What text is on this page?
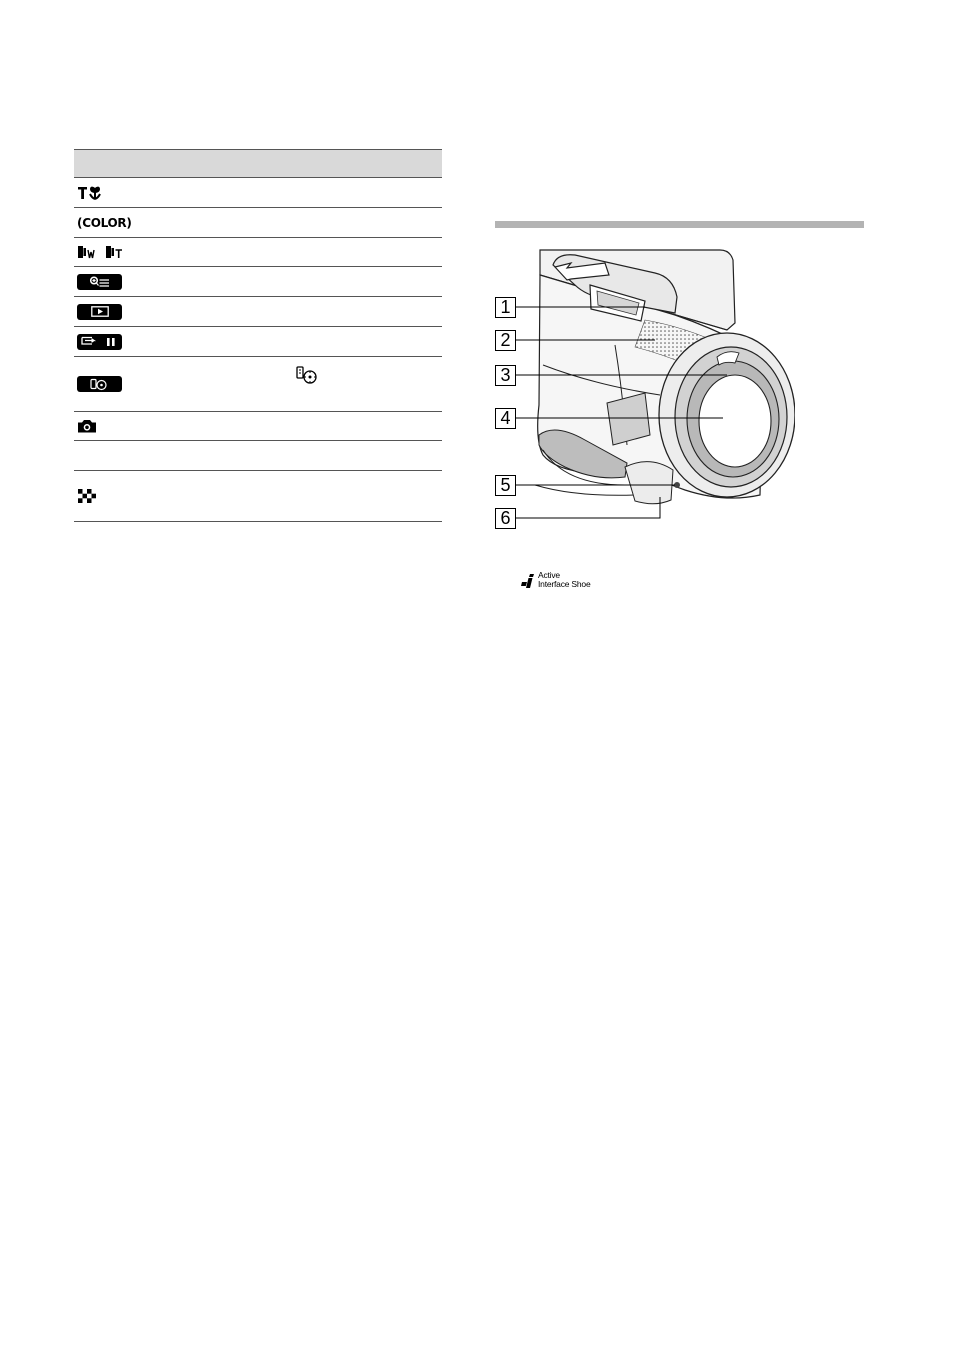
(COLOR)
1
2
3
4
5
6
Active
Interface Shoe
